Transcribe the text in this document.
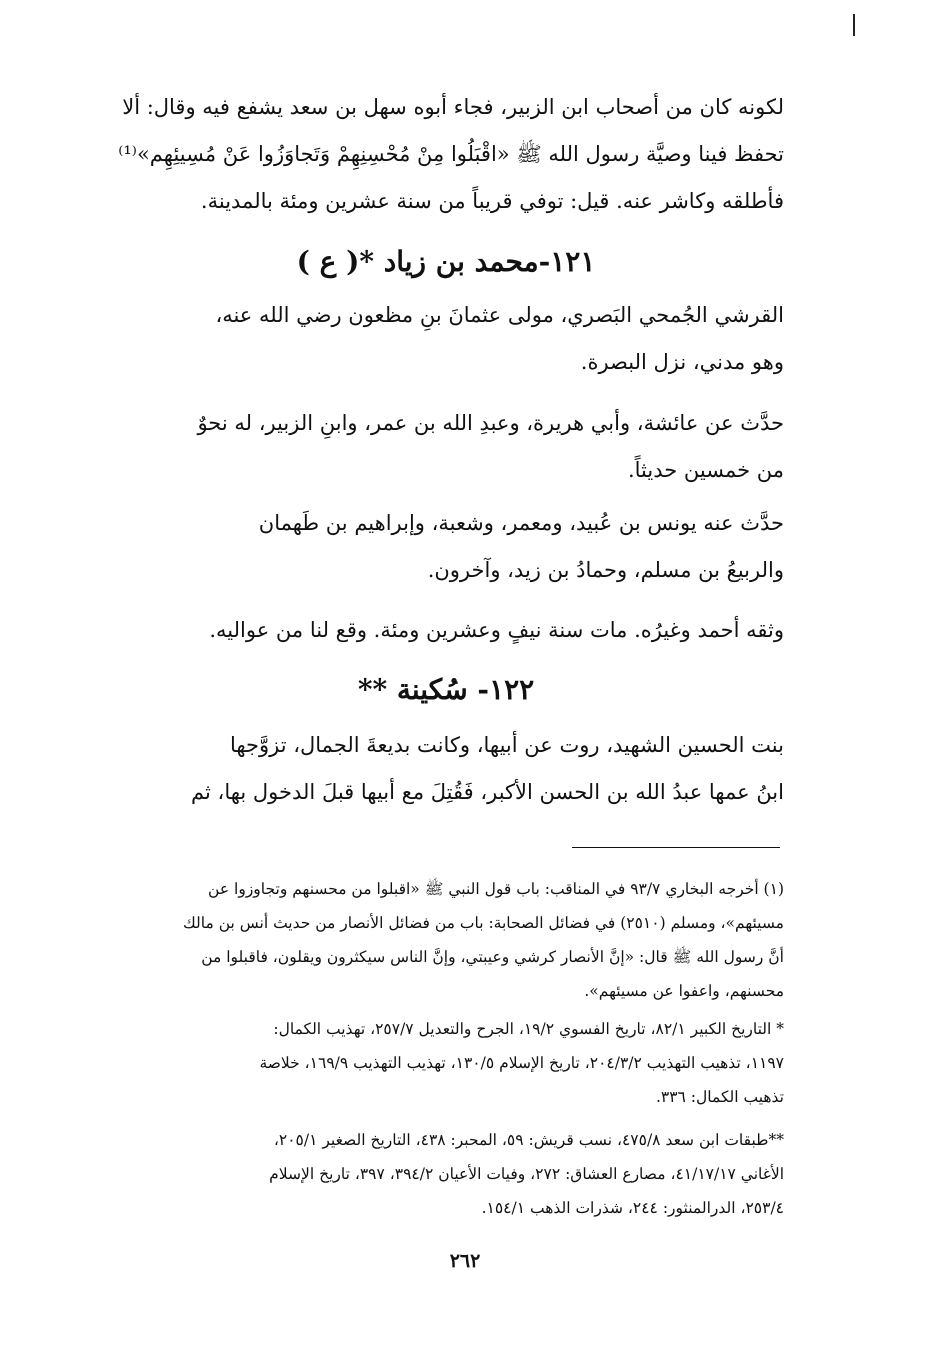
لكونه كان من أصحاب ابن الزبير، فجاء أبوه سهل بن سعد يشفع فيه وقال: ألا
تحفظ فينا وصيَّة رسول الله ﷺ «اقْبَلُوا مِنْ مُحْسِنِهِمْ وَتَجاوَزُوا عَنْ مُسِيئِهِم»⁽¹⁾
فأطلقه وكاشر عنه. قيل: توفي قريباً من سنة عشرين ومئة بالمدينة.
١٢١-محمد بن زياد *( ع )
القرشي الجُمحي البَصري، مولى عثمانَ بنِ مظعون رضي الله عنه،
وهو مدني، نزل البصرة.
حدَّث عن عائشة، وأبي هريرة، وعبدِ الله بن عمر، وابنِ الزبير، له نحوٌ
من خمسين حديثاً.
حدَّث عنه يونس بن عُبيد، ومعمر، وشعبة، وإبراهيم بن طَهمان
والربيعُ بن مسلم، وحمادُ بن زيد، وآخرون.
وثقه أحمد وغيرُه. مات سنة نيفٍ وعشرين ومئة. وقع لنا من عواليه.
١٢٢- سُكينة **
بنت الحسين الشهيد، روت عن أبيها، وكانت بديعةَ الجمال، تزوَّجها
ابنُ عمها عبدُ الله بن الحسن الأكبر، فَقُتِلَ مع أبيها قبلَ الدخول بها، ثم
(١) أخرجه البخاري ٩٣/٧ في المناقب: باب قول النبي ﷺ «اقبلوا من محسنهم وتجاوزوا عن
مسيئهم»، ومسلم (٢٥١٠) في فضائل الصحابة: باب من فضائل الأنصار من حديث أنس بن مالك
أنَّ رسول الله ﷺ قال: «إنَّ الأنصار كرشي وعيبتي، وإنَّ الناس سيكثرون ويقلون، فاقبلوا من
محسنهم، واعفوا عن مسيئهم».
* التاريخ الكبير ٨٢/١، تاريخ الفسوي ١٩/٢، الجرح والتعديل ٢٥٧/٧، تهذيب الكمال:
١١٩٧، تذهيب التهذيب ٢٠٤/٣/٢، تاريخ الإسلام ١٣٠/٥، تهذيب التهذيب ١٦٩/٩، خلاصة
تذهيب الكمال: ٣٣٦.
**طبقات ابن سعد ٤٧٥/٨، نسب قريش: ٥٩، المحبر: ٤٣٨، التاريخ الصغير ٢٠٥/١،
الأغاني ٤١/١٧/١٧، مصارع العشاق: ٢٧٢، وفيات الأعيان ٣٩٤/٢، ٣٩٧، تاريخ الإسلام
٢٥٣/٤، الدرالمنثور: ٢٤٤، شذرات الذهب ١٥٤/١.
٢٦٢
